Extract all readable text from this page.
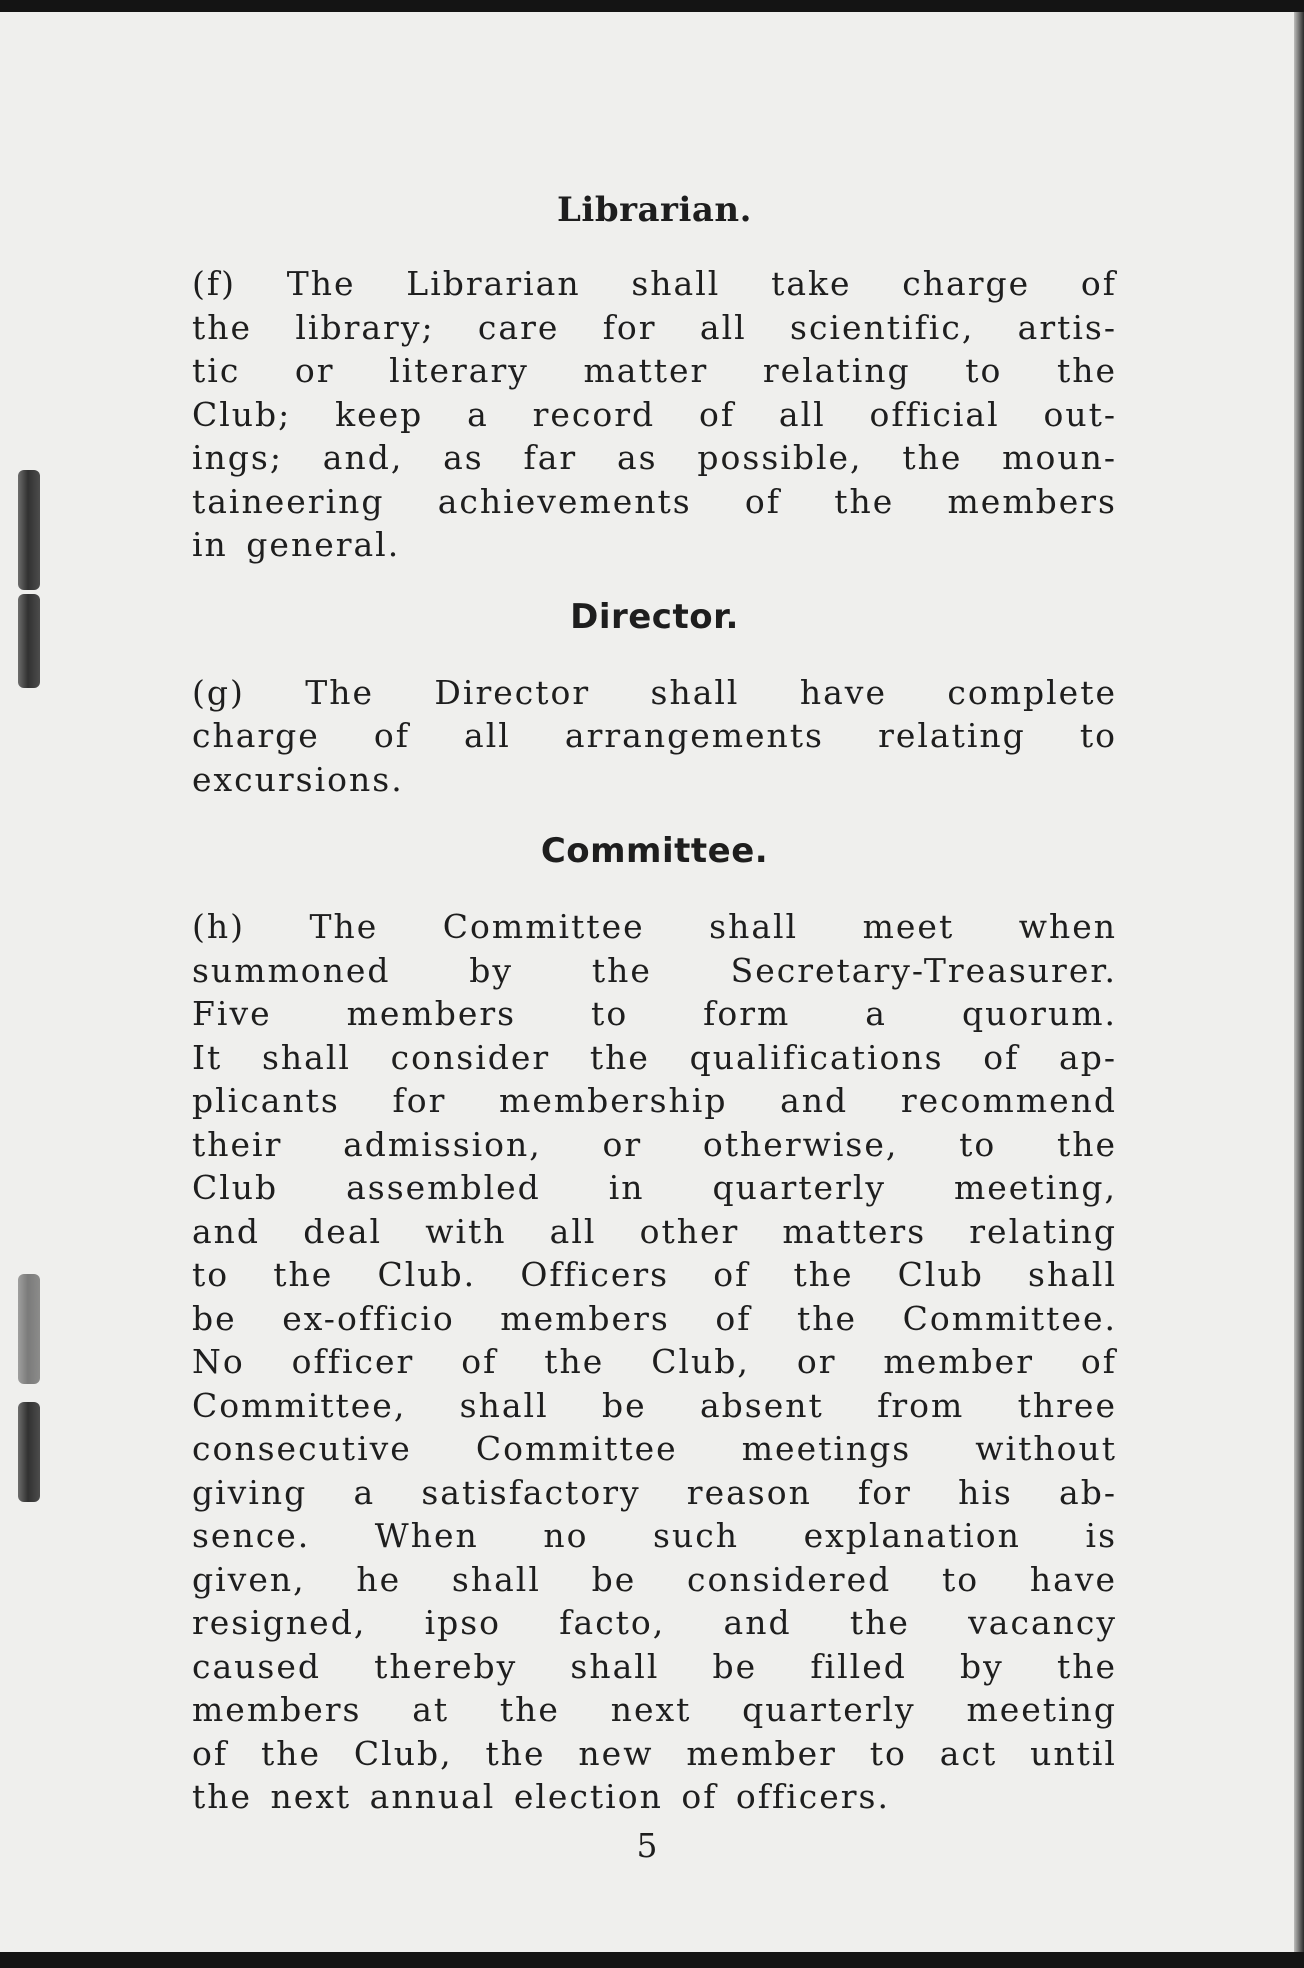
Librarian.

(f) The Librarian shall take charge of
the library; care for all scientific, artis-
tic or literary matter relating to the
Club; keep a record of all official out-
ings; and, as far as possible, the moun-
taineering achievements of the members
in general.

Director.

(g) The Director shall have complete
charge of all arrangements relating to
excursions.

Committee.

(h) The Committee shall meet when
summoned by the Secretary-Treasurer.
Five members to form a quorum.
It shall consider the qualifications of ap-
plicants for membership and recommend
their admission, or otherwise, to the
Club assembled in quarterly meeting,
and deal with all other matters relating
to the Club. Officers of the Club shall
be ex-officio members of the Committee.
No officer of the Club, or member of
Committee, shall be absent from three
consecutive Committee meetings without
giving a satisfactory reason for his ab-
sence. When no such explanation is
given, he shall be considered to have
resigned, ipso facto, and the vacancy
caused thereby shall be filled by the
members at the next quarterly meeting
of the Club, the new member to act until
the next annual election of officers.

5
